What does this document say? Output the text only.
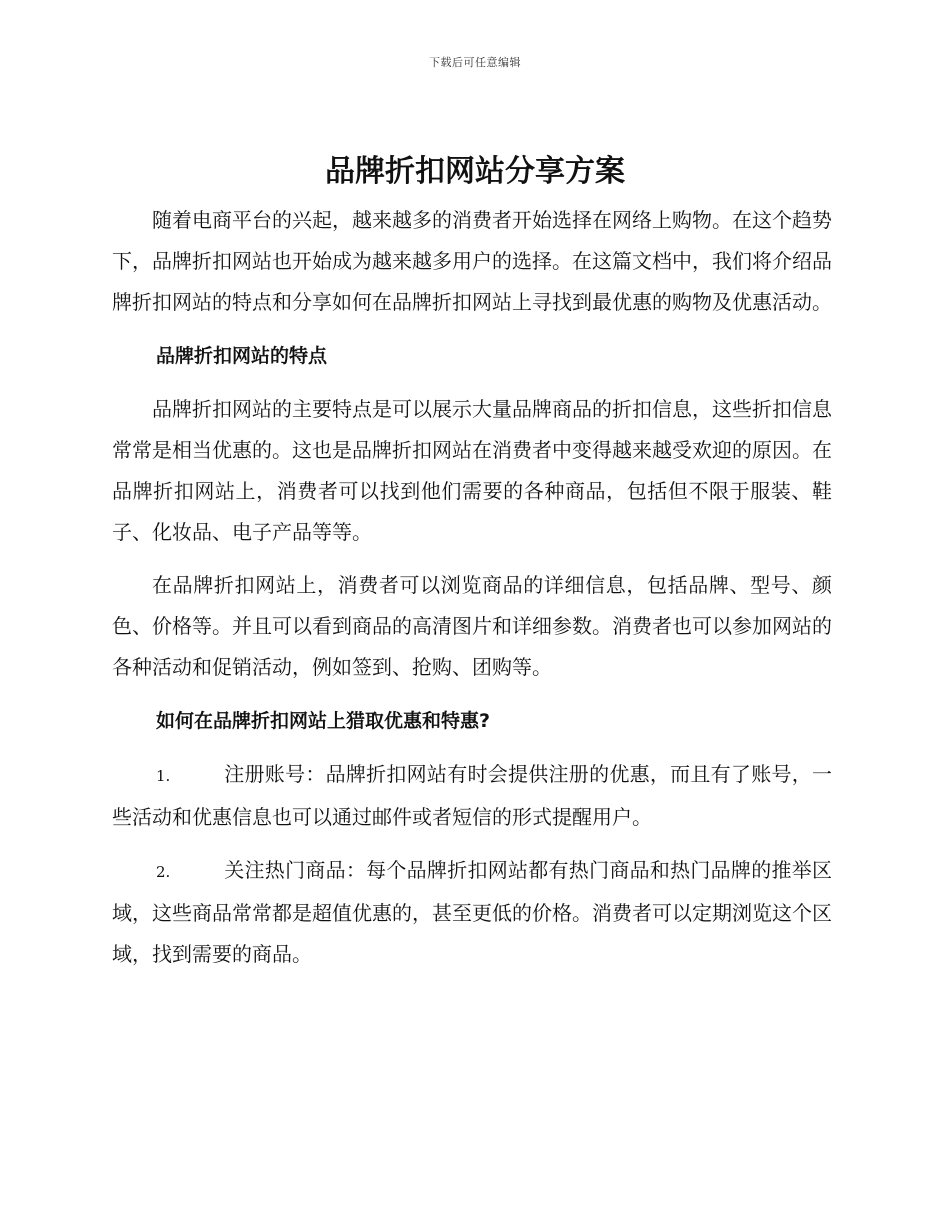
下载后可任意编辑
品牌折扣网站分享方案

随着电商平台的兴起，越来越多的消费者开始选择在网络上购物。在这个趋势下，品牌折扣网站也开始成为越来越多用户的选择。在这篇文档中，我们将介绍品牌折扣网站的特点和分享如何在品牌折扣网站上寻找到最优惠的购物及优惠活动。

品牌折扣网站的特点

品牌折扣网站的主要特点是可以展示大量品牌商品的折扣信息，这些折扣信息常常是相当优惠的。这也是品牌折扣网站在消费者中变得越来越受欢迎的原因。在品牌折扣网站上，消费者可以找到他们需要的各种商品，包括但不限于服装、鞋子、化妆品、电子产品等等。

在品牌折扣网站上，消费者可以浏览商品的详细信息，包括品牌、型号、颜色、价格等。并且可以看到商品的高清图片和详细参数。消费者也可以参加网站的各种活动和促销活动，例如签到、抢购、团购等。

如何在品牌折扣网站上猎取优惠和特惠?

1.	注册账号：品牌折扣网站有时会提供注册的优惠，而且有了账号，一些活动和优惠信息也可以通过邮件或者短信的形式提醒用户。

2.	关注热门商品：每个品牌折扣网站都有热门商品和热门品牌的推举区域，这些商品常常都是超值优惠的，甚至更低的价格。消费者可以定期浏览这个区域，找到需要的商品。
